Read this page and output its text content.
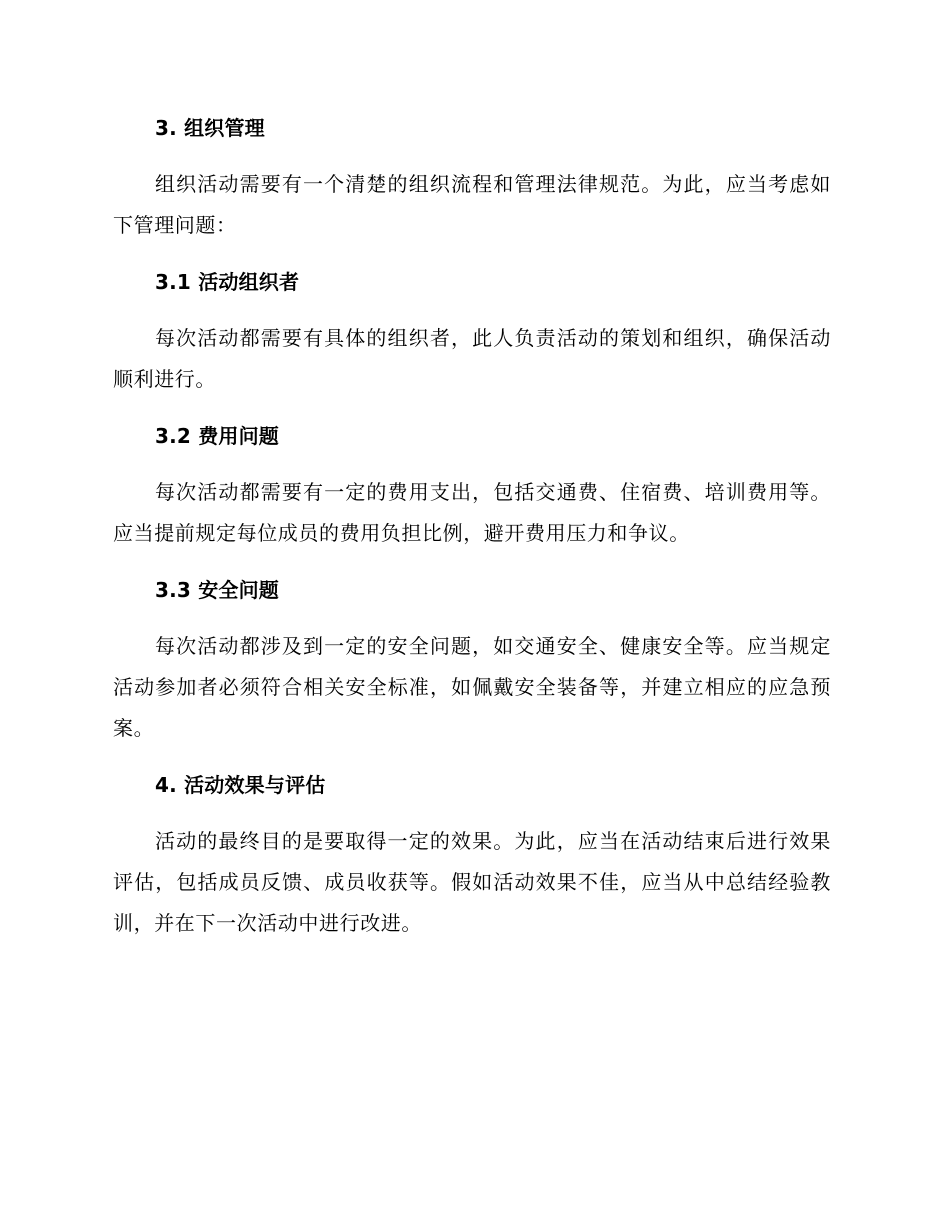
3. 组织管理

组织活动需要有一个清楚的组织流程和管理法律规范。为此，应当考虑如下管理问题：

3.1 活动组织者

每次活动都需要有具体的组织者，此人负责活动的策划和组织，确保活动顺利进行。

3.2 费用问题

每次活动都需要有一定的费用支出，包括交通费、住宿费、培训费用等。应当提前规定每位成员的费用负担比例，避开费用压力和争议。

3.3 安全问题

每次活动都涉及到一定的安全问题，如交通安全、健康安全等。应当规定活动参加者必须符合相关安全标准，如佩戴安全装备等，并建立相应的应急预案。

4. 活动效果与评估

活动的最终目的是要取得一定的效果。为此，应当在活动结束后进行效果评估，包括成员反馈、成员收获等。假如活动效果不佳，应当从中总结经验教训，并在下一次活动中进行改进。
